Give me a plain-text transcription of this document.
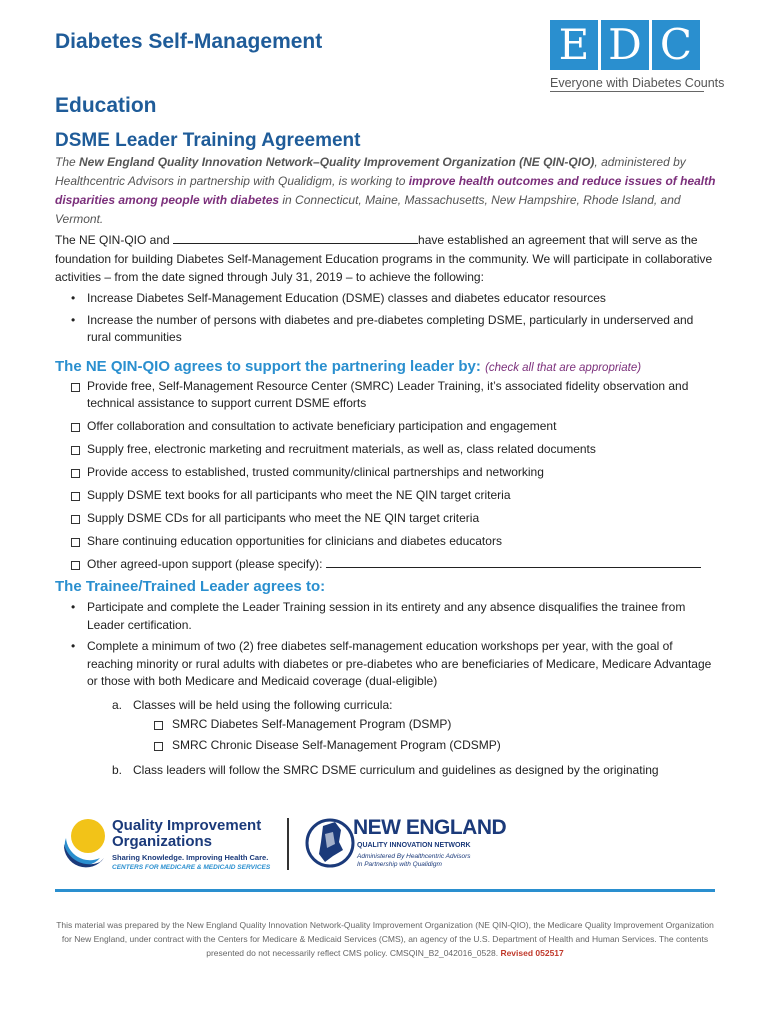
Diabetes Self-Management
Education
DSME Leader Training Agreement
E D C
Everyone with Diabetes Counts

The New England Quality Innovation Network–Quality Improvement Organization (NE QIN-QIO), administered by Healthcentric Advisors in partnership with Qualidigm, is working to improve health outcomes and reduce issues of health disparities among people with diabetes in Connecticut, Maine, Massachusetts, New Hampshire, Rhode Island, and Vermont.

The NE QIN-QIO and	have established an agreement that will serve as the foundation for building Diabetes Self-Management Education programs in the community. We will participate in collaborative activities – from the date signed through July 31, 2019 – to achieve the following:

• Increase Diabetes Self-Management Education (DSME) classes and diabetes educator resources
• Increase the number of persons with diabetes and pre-diabetes completing DSME, particularly in underserved and rural communities
The NE QIN-QIO agrees to support the partnering leader by: (check all that are appropriate)
Provide free, Self-Management Resource Center (SMRC) Leader Training, it’s associated fidelity observation and technical assistance to support current DSME efforts
Offer collaboration and consultation to activate beneficiary participation and engagement
Supply free, electronic marketing and recruitment materials, as well as, class related documents
Provide access to established, trusted community/clinical partnerships and networking
Supply DSME text books for all participants who meet the NE QIN target criteria
Supply DSME CDs for all participants who meet the NE QIN target criteria
Share continuing education opportunities for clinicians and diabetes educators
Other agreed-upon support (please specify):
The Trainee/Trained Leader agrees to:
• Participate and complete the Leader Training session in its entirety and any absence disqualifies the trainee from Leader certification.
• Complete a minimum of two (2) free diabetes self-management education workshops per year, with the goal of reaching minority or rural adults with diabetes or pre-diabetes who are beneficiaries of Medicare, Medicare Advantage or those with both Medicare and Medicaid coverage (dual-eligible)

a. Classes will be held using the following curricula:

SMRC Diabetes Self-Management Program (DSMP)

SMRC Chronic Disease Self-Management Program (CDSMP)

b. Class leaders will follow the SMRC DSME curriculum and guidelines as designed by the originating

Quality Improvement
Organizations
Sharing Knowledge. Improving Health Care.
CENTERS FOR MEDICARE & MEDICAID SERVICES
NEW ENGLAND
QUALITY INNOVATION NETWORK
Administered By Healthcentric Advisors
In Partnership with Qualidigm

This material was prepared by the New England Quality Innovation Network-Quality Improvement Organization (NE QIN-QIO), the Medicare Quality Improvement Organization for New England, under contract with the Centers for Medicare & Medicaid Services (CMS), an agency of the U.S. Department of Health and Human Services. The contents presented do not necessarily reflect CMS policy. CMSQIN_B2_042016_0528. Revised 052517
